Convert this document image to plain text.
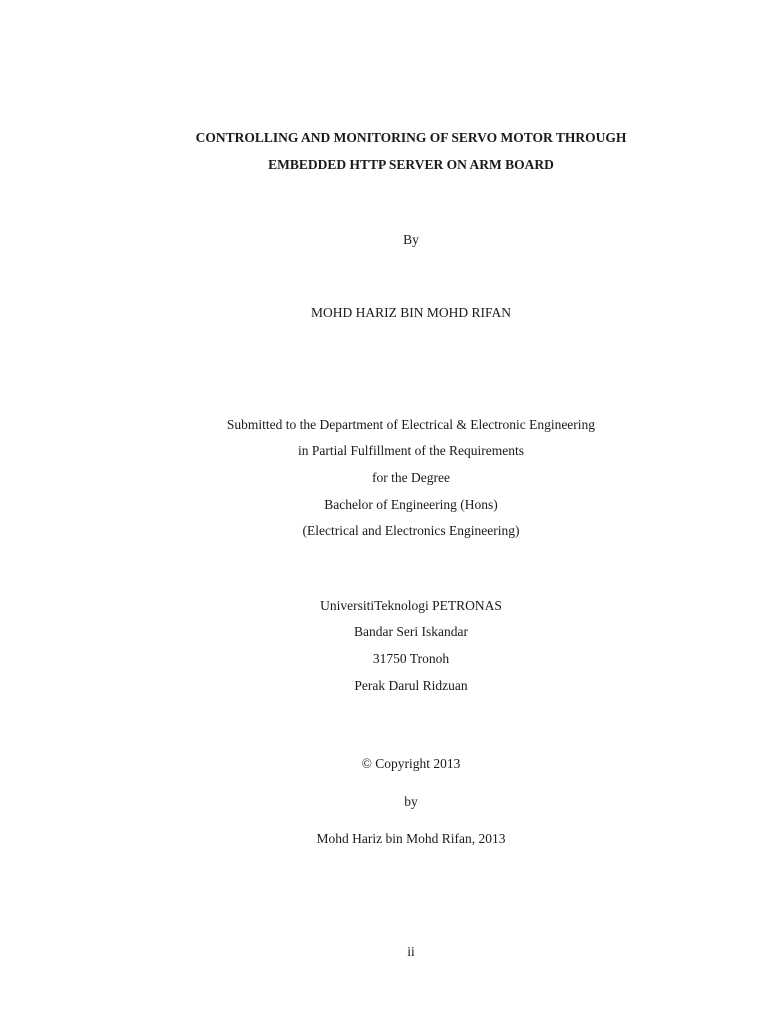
CONTROLLING AND MONITORING OF SERVO MOTOR THROUGH
EMBEDDED HTTP SERVER ON ARM BOARD
By
MOHD HARIZ BIN MOHD RIFAN
Submitted to the Department of Electrical & Electronic Engineering
in Partial Fulfillment of the Requirements
for the Degree
Bachelor of Engineering (Hons)
(Electrical and Electronics Engineering)
UniversitiTeknologi PETRONAS
Bandar Seri Iskandar
31750 Tronoh
Perak Darul Ridzuan
© Copyright 2013
by
Mohd Hariz bin Mohd Rifan, 2013
ii
